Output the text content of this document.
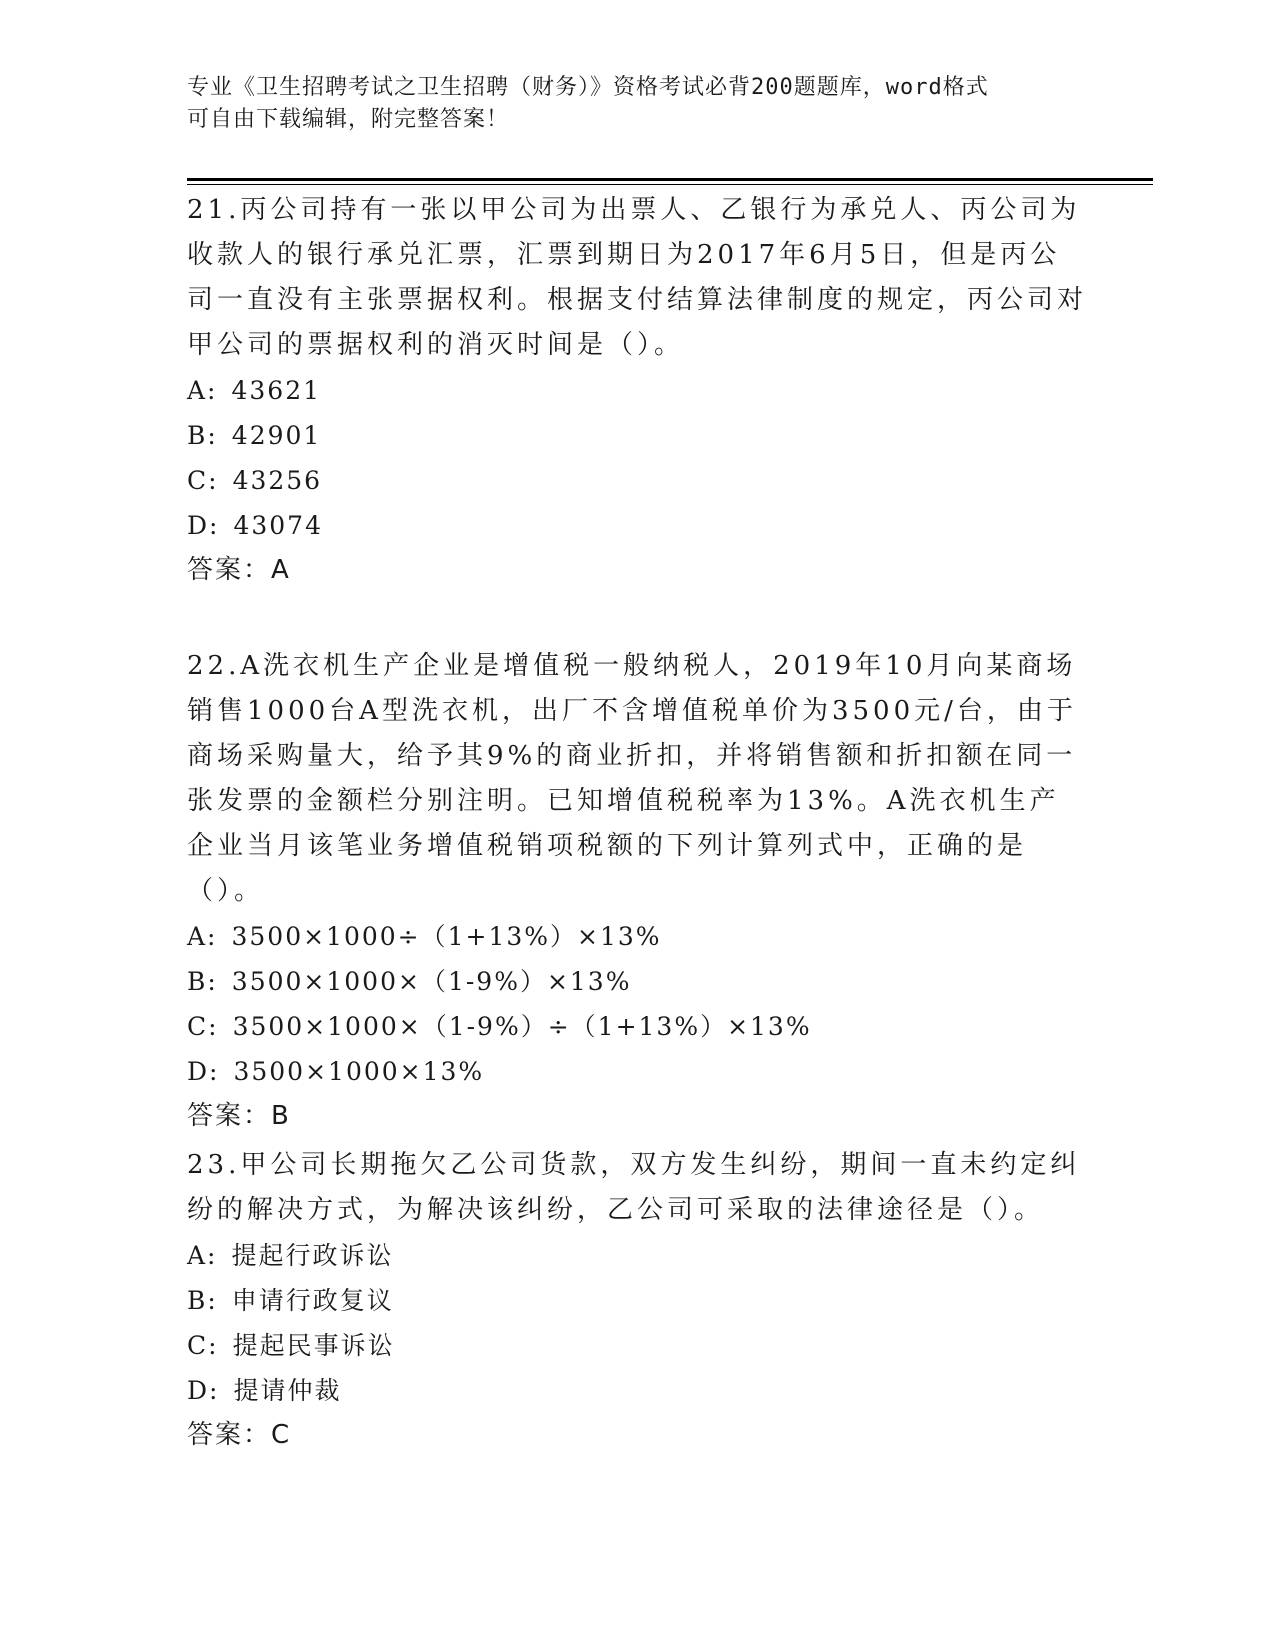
专业《卫生招聘考试之卫生招聘（财务）》资格考试必背200题题库，word格式
可自由下载编辑，附完整答案！

21.丙公司持有一张以甲公司为出票人、乙银行为承兑人、丙公司为收款人的银行承兑汇票，汇票到期日为2017年6月5日，但是丙公司一直没有主张票据权利。根据支付结算法律制度的规定，丙公司对甲公司的票据权利的消灭时间是（）。

A: 43621
B: 42901
C: 43256
D: 43074
答案：A

22.A洗衣机生产企业是增值税一般纳税人，2019年10月向某商场销售1000台A型洗衣机，出厂不含增值税单价为3500元/台，由于商场采购量大，给予其9%的商业折扣，并将销售额和折扣额在同一张发票的金额栏分别注明。已知增值税税率为13%。A洗衣机生产企业当月该笔业务增值税销项税额的下列计算列式中，正确的是（）。

A: 3500×1000÷（1+13%）×13%
B: 3500×1000×（1-9%）×13%
C: 3500×1000×（1-9%）÷（1+13%）×13%
D: 3500×1000×13%
答案：B

23.甲公司长期拖欠乙公司货款，双方发生纠纷，期间一直未约定纠纷的解决方式，为解决该纠纷，乙公司可采取的法律途径是（）。

A: 提起行政诉讼
B: 申请行政复议
C: 提起民事诉讼
D: 提请仲裁
答案：C
